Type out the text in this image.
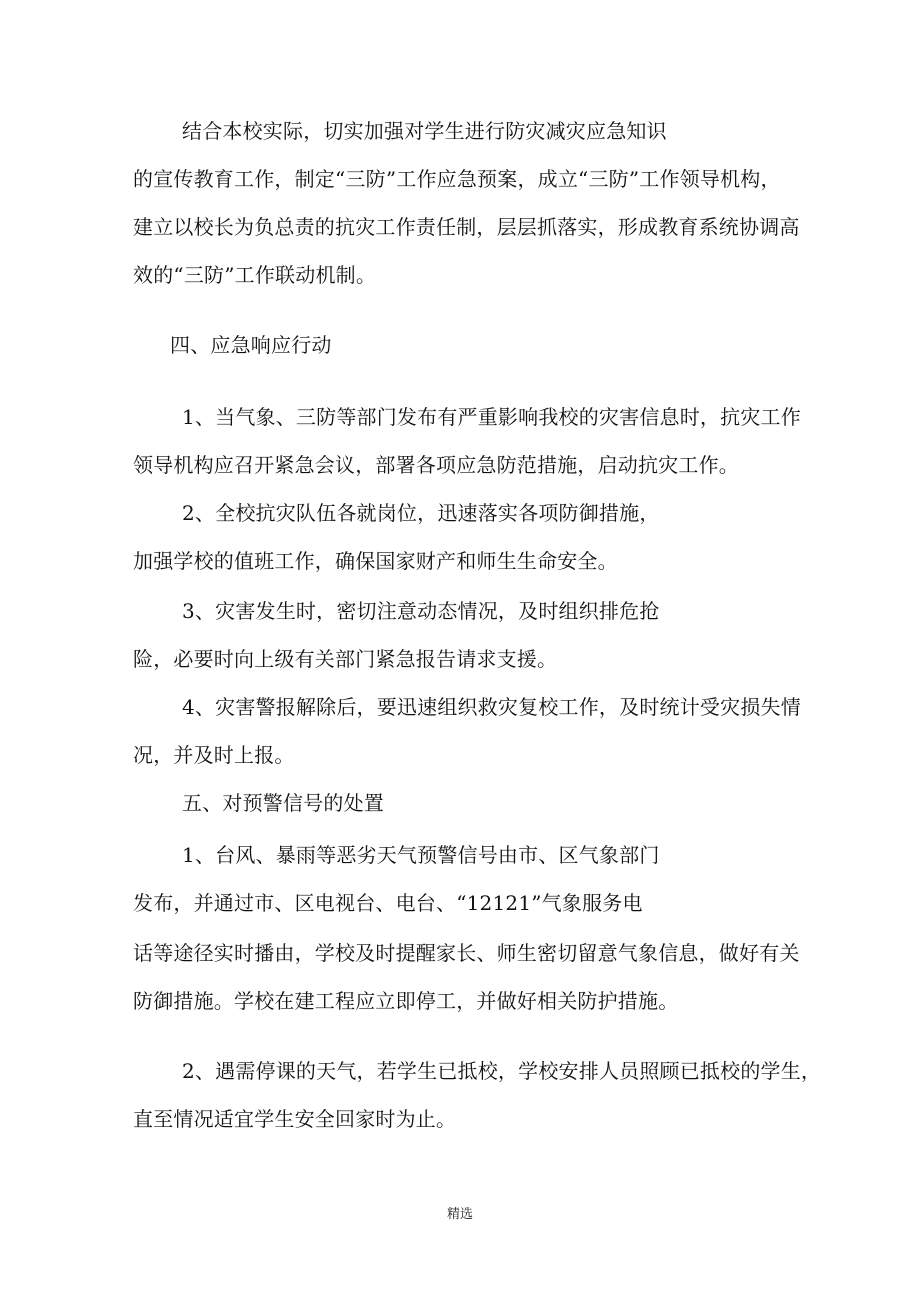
结合本校实际，切实加强对学生进行防灾减灾应急知识
的宣传教育工作，制定“三防”工作应急预案，成立“三防”工作领导机构，
建立以校长为负总责的抗灾工作责任制，层层抓落实，形成教育系统协调高
效的“三防”工作联动机制。
四、应急响应行动
1、当气象、三防等部门发布有严重影响我校的灾害信息时，抗灾工作
领导机构应召开紧急会议，部署各项应急防范措施，启动抗灾工作。
2、全校抗灾队伍各就岗位，迅速落实各项防御措施，
加强学校的值班工作，确保国家财产和师生生命安全。
3、灾害发生时，密切注意动态情况，及时组织排危抢
险，必要时向上级有关部门紧急报告请求支援。
4、灾害警报解除后，要迅速组织救灾复校工作，及时统计受灾损失情
况，并及时上报。
五、对预警信号的处置
1、台风、暴雨等恶劣天气预警信号由市、区气象部门
发布，并通过市、区电视台、电台、“12121”气象服务电
话等途径实时播由，学校及时提醒家长、师生密切留意气象信息，做好有关
防御措施。学校在建工程应立即停工，并做好相关防护措施。
2、遇需停课的天气，若学生已抵校，学校安排人员照顾已抵校的学生，
直至情况适宜学生安全回家时为止。
精选
